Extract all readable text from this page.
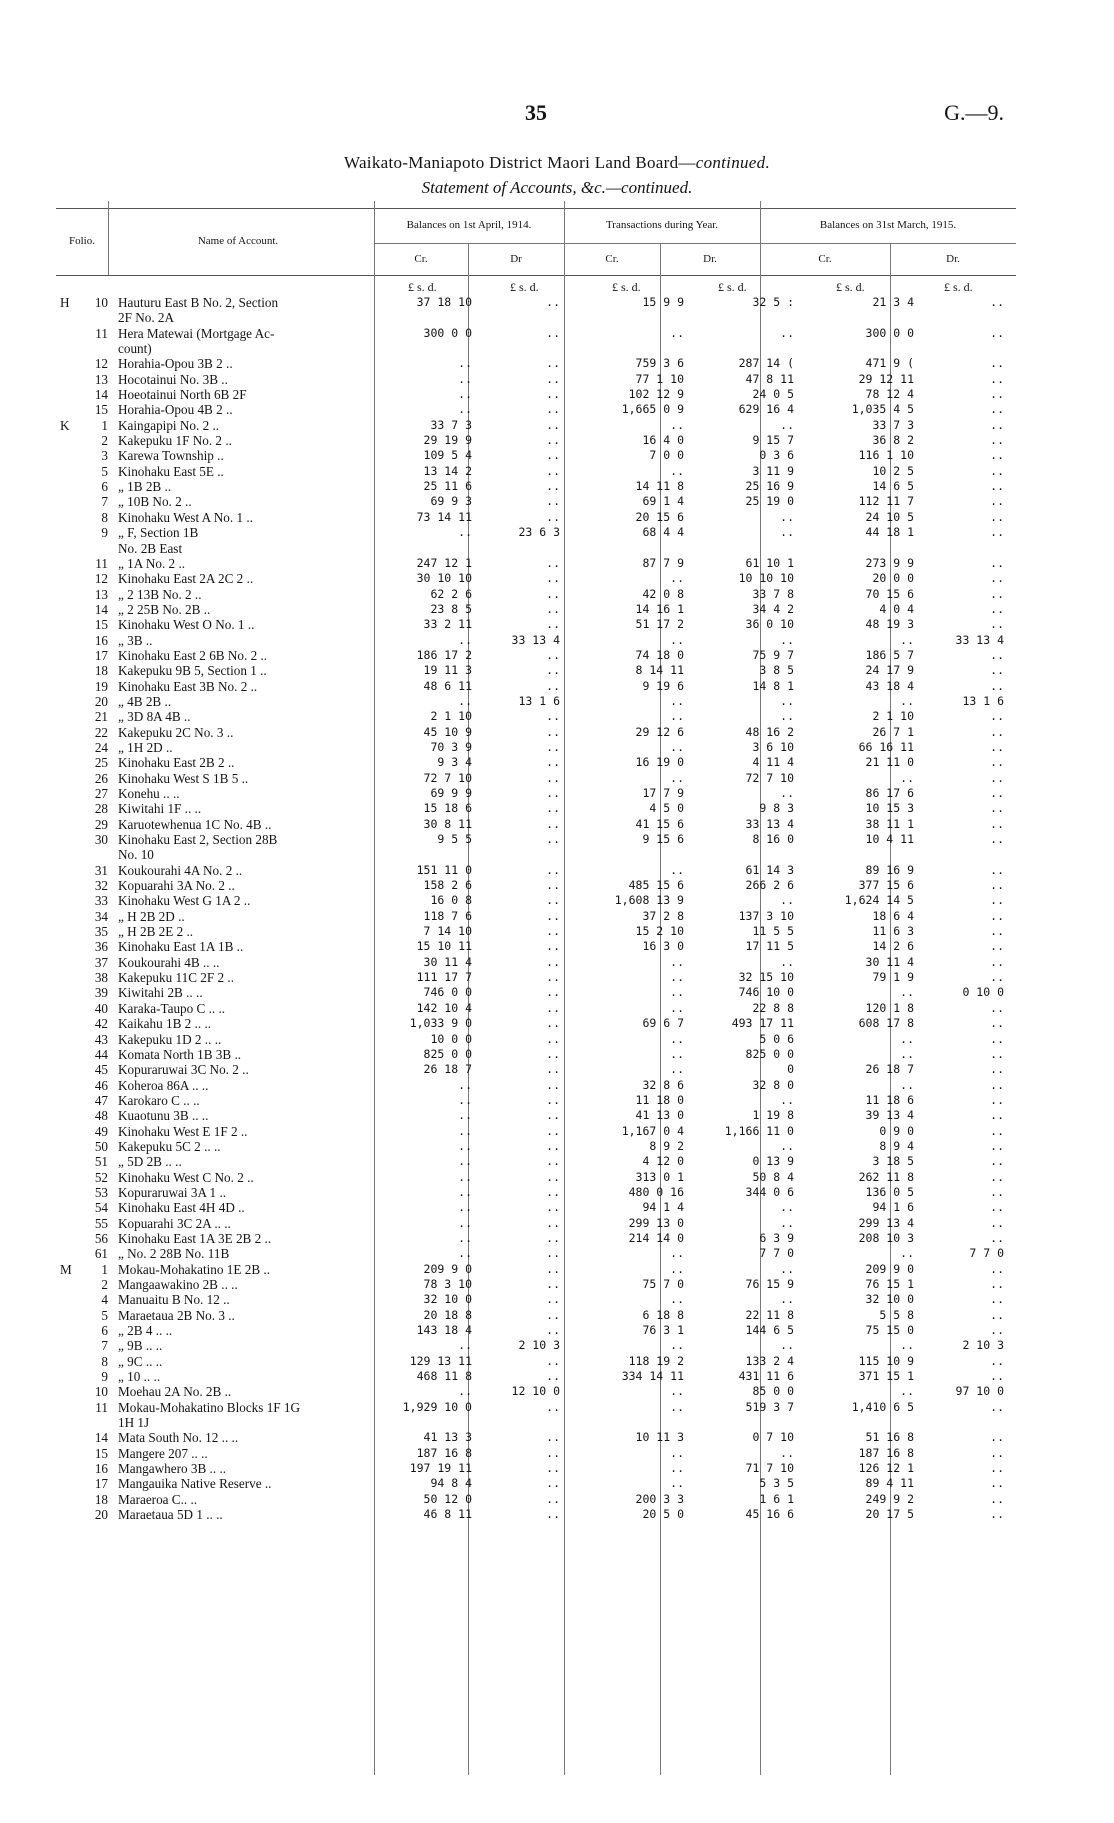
35	G.—9.
Waikato-Maniapoto District Maori Land Board—continued.
Statement of Accounts, &c.—continued.
Folio.	Name of Account.
Balances on 1st April, 1914.	Transactions during Year.	Balances on 31st March, 1915.
Cr.	Dr	Cr.	Dr.	Cr.	Dr.
£ s. d.	£ s. d.	£ s. d.	£ s. d.	£ s. d.	£ s. d.
H	10 Hauturu East B No. 2, Section	37 18 10	..	15 9 9	32 5 :	21 3 4	..
2F No. 2A
11 Hera Matewai (Mortgage Ac-	300 0 0	..	..	..	300 0 0	..
count)
12 Horahia-Opou 3B 2 ..	..	..	759 3 6	287 14 (	471 9 (	..
13 Hocotainui No. 3B ..	..	..	77 1 10	47 8 11	29 12 11	..
14 Hoeotainui North 6B 2F	..	..	102 12 9	24 0 5	78 12 4	..
15 Horahia-Opou 4B 2 ..	..	..	1,665 0 9	629 16 4	1,035 4 5	..
K	1 Kaingapipi No. 2 ..	33 7 3	..	..	..	33 7 3	..
2 Kakepuku 1F No. 2 ..	29 19 9	..	16 4 0	9 15 7	36 8 2	..
3 Karewa Township ..	109 5 4	..	7 0 0	0 3 6	116 1 10	..
5 Kinohaku East 5E ..	13 14 2	..	..	3 11 9	10 2 5	..
6 „ 1B 2B ..	25 11 6	..	14 11 8	25 16 9	14 6 5	..
7 „ 10B No. 2 ..	69 9 3	..	69 1 4	25 19 0	112 11 7	..
8 Kinohaku West A No. 1 ..	73 14 11	..	20 15 6	..	24 10 5	..
9 „ F, Section 1B	..	23 6 3	68 4 4	..	44 18 1	..
No. 2B East
11 „ 1A No. 2 ..	247 12 1	..	87 7 9	61 10 1	273 9 9	..
12 Kinohaku East 2A 2C 2 ..	30 10 10	..	..	10 10 10	20 0 0	..
13 „ 2 13B No. 2 ..	62 2 6	..	42 0 8	33 7 8	70 15 6	..
14 „ 2 25B No. 2B ..	23 8 5	..	14 16 1	34 4 2	4 0 4	..
15 Kinohaku West O No. 1 ..	33 2 11	..	51 17 2	36 0 10	48 19 3	..
16 „ 3B ..	..	33 13 4	..	..	..	33 13 4
17 Kinohaku East 2 6B No. 2 ..	186 17 2	..	74 18 0	75 9 7	186 5 7	..
18 Kakepuku 9B 5, Section 1 ..	19 11 3	..	8 14 11	3 8 5	24 17 9	..
19 Kinohaku East 3B No. 2 ..	48 6 11	..	9 19 6	14 8 1	43 18 4	..
20 „ 4B 2B ..	..	13 1 6	..	..	..	13 1 6
21 „ 3D 8A 4B ..	2 1 10	..	..	..	2 1 10	..
22 Kakepuku 2C No. 3 ..	45 10 9	..	29 12 6	48 16 2	26 7 1	..
24 „ 1H 2D ..	70 3 9	..	..	3 6 10	66 16 11	..
25 Kinohaku East 2B 2 ..	9 3 4	..	16 19 0	4 11 4	21 11 0	..
26 Kinohaku West S 1B 5 ..	72 7 10	..	..	72 7 10	..	..
27 Konehu .. ..	69 9 9	..	17 7 9	..	86 17 6	..
28 Kiwitahi 1F .. ..	15 18 6	..	4 5 0	9 8 3	10 15 3	..
29 Karuotewhenua 1C No. 4B ..	30 8 11	..	41 15 6	33 13 4	38 11 1	..
30 Kinohaku East 2, Section 28B	9 5 5	..	9 15 6	8 16 0	10 4 11	..
No. 10
31 Koukourahi 4A No. 2 ..	151 11 0	..	..	61 14 3	89 16 9	..
32 Kopuarahi 3A No. 2 ..	158 2 6	..	485 15 6	266 2 6	377 15 6	..
33 Kinohaku West G 1A 2 ..	16 0 8	..	1,608 13 9	..	1,624 14 5	..
34 „ H 2B 2D ..	118 7 6	..	37 2 8	137 3 10	18 6 4	..
35 „ H 2B 2E 2 ..	7 14 10	..	15 2 10	11 5 5	11 6 3	..
36 Kinohaku East 1A 1B ..	15 10 11	..	16 3 0	17 11 5	14 2 6	..
37 Koukourahi 4B .. ..	30 11 4	..	..	..	30 11 4	..
38 Kakepuku 11C 2F 2 ..	111 17 7	..	..	32 15 10	79 1 9	..
39 Kiwitahi 2B .. ..	746 0 0	..	..	746 10 0	..	0 10 0
40 Karaka-Taupo C .. ..	142 10 4	..	..	22 8 8	120 1 8	..
42 Kaikahu 1B 2 .. ..	1,033 9 0	..	69 6 7	493 17 11	608 17 8	..
43 Kakepuku 1D 2 .. ..	10 0 0	..	..	5 0 6	..	..
44 Komata North 1B 3B ..	825 0 0	..	..	825 0 0	..	..
45 Kopuraruwai 3C No. 2 ..	26 18 7	..	..	0	26 18 7	..
46 Koheroa 86A .. ..	..	..	32 8 6	32 8 0	..	..
47 Karokaro C .. ..	..	..	11 18 0	..	11 18 6	..
48 Kuaotunu 3B .. ..	..	..	41 13 0	1 19 8	39 13 4	..
49 Kinohaku West E 1F 2 ..	..	..	1,167 0 4	1,166 11 0	0 9 0	..
50 Kakepuku 5C 2 .. ..	..	..	8 9 2	..	8 9 4	..
51 „ 5D 2B .. ..	..	..	4 12 0	0 13 9	3 18 5	..
52 Kinohaku West C No. 2 ..	..	..	313 0 1	50 8 4	262 11 8	..
53 Kopuraruwai 3A 1 ..	..	..	480 0 16	344 0 6	136 0 5	..
54 Kinohaku East 4H 4D ..	..	..	94 1 4	..	94 1 6	..
55 Kopuarahi 3C 2A .. ..	..	..	299 13 0	..	299 13 4	..
56 Kinohaku East 1A 3E 2B 2 ..	..	..	214 14 0	6 3 9	208 10 3	..
61 „ No. 2 28B No. 11B	..	..	..	7 7 0	..	7 7 0
M	1 Mokau-Mohakatino 1E 2B ..	209 9 0	..	..	..	209 9 0	..
2 Mangaawakino 2B .. ..	78 3 10	..	75 7 0	76 15 9	76 15 1	..
4 Manuaitu B No. 12 ..	32 10 0	..	..	..	32 10 0	..
5 Maraetaua 2B No. 3 ..	20 18 8	..	6 18 8	22 11 8	5 5 8	..
6 „ 2B 4 .. ..	143 18 4	..	76 3 1	144 6 5	75 15 0	..
7 „ 9B .. ..	..	2 10 3	..	..	..	2 10 3
8 „ 9C .. ..	129 13 11	..	118 19 2	133 2 4	115 10 9	..
9 „ 10 .. ..	468 11 8	..	334 14 11	431 11 6	371 15 1	..
10 Moehau 2A No. 2B ..	..	12 10 0	..	85 0 0	..	97 10 0
11 Mokau-Mohakatino Blocks 1F 1G	1,929 10 0	..	..	519 3 7	1,410 6 5	..
1H 1J
14 Mata South No. 12 .. ..	41 13 3	..	10 11 3	0 7 10	51 16 8	..
15 Mangere 207 .. ..	187 16 8	..	..	..	187 16 8	..
16 Mangawhero 3B .. ..	197 19 11	..	..	71 7 10	126 12 1	..
17 Mangauika Native Reserve ..	94 8 4	..	..	5 3 5	89 4 11	..
18 Maraeroa C.. ..	50 12 0	..	200 3 3	1 6 1	249 9 2	..
20 Maraetaua 5D 1 .. ..	46 8 11	..	20 5 0	45 16 6	20 17 5	..
